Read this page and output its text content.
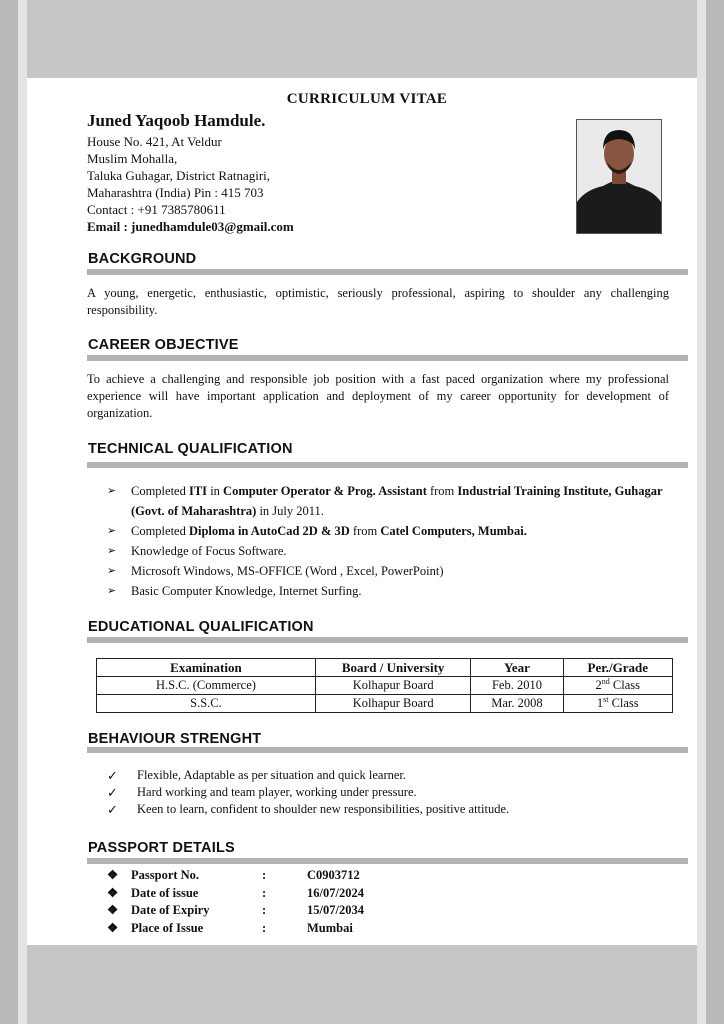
CURRICULUM VITAE
Juned Yaqoob Hamdule.
House No. 421, At Veldur
Muslim Mohalla,
Taluka Guhagar, District Ratnagiri,
Maharashtra (India) Pin : 415 703
Contact : +91 7385780611
Email : junedhamdule03@gmail.com
BACKGROUND
A young, energetic, enthusiastic, optimistic, seriously professional, aspiring to shoulder any challenging responsibility.
CAREER OBJECTIVE
To achieve a challenging and responsible job position with a fast paced organization where my professional experience will have important application and deployment of my career opportunity for development of organization.
TECHNICAL QUALIFICATION
➢ Completed ITI in Computer Operator & Prog. Assistant from Industrial Training Institute, Guhagar (Govt. of Maharashtra) in July 2011.
➢ Completed Diploma in AutoCad 2D & 3D from Catel Computers, Mumbai.
➢ Knowledge of Focus Software.
➢ Microsoft Windows, MS-OFFICE (Word , Excel, PowerPoint)
➢ Basic Computer Knowledge, Internet Surfing.
EDUCATIONAL QUALIFICATION
Examination	Board / University	Year	Per./Grade
H.S.C. (Commerce)	Kolhapur Board	Feb. 2010	2nd Class
S.S.C.	Kolhapur Board	Mar. 2008	1st Class
BEHAVIOUR STRENGHT
✓ Flexible, Adaptable as per situation and quick learner.
✓ Hard working and team player, working under pressure.
✓ Keen to learn, confident to shoulder new responsibilities, positive attitude.
PASSPORT DETAILS
❖ Passport No.	:	C0903712
❖ Date of issue	:	16/07/2024
❖ Date of Expiry	:	15/07/2034
❖ Place of Issue	:	Mumbai
